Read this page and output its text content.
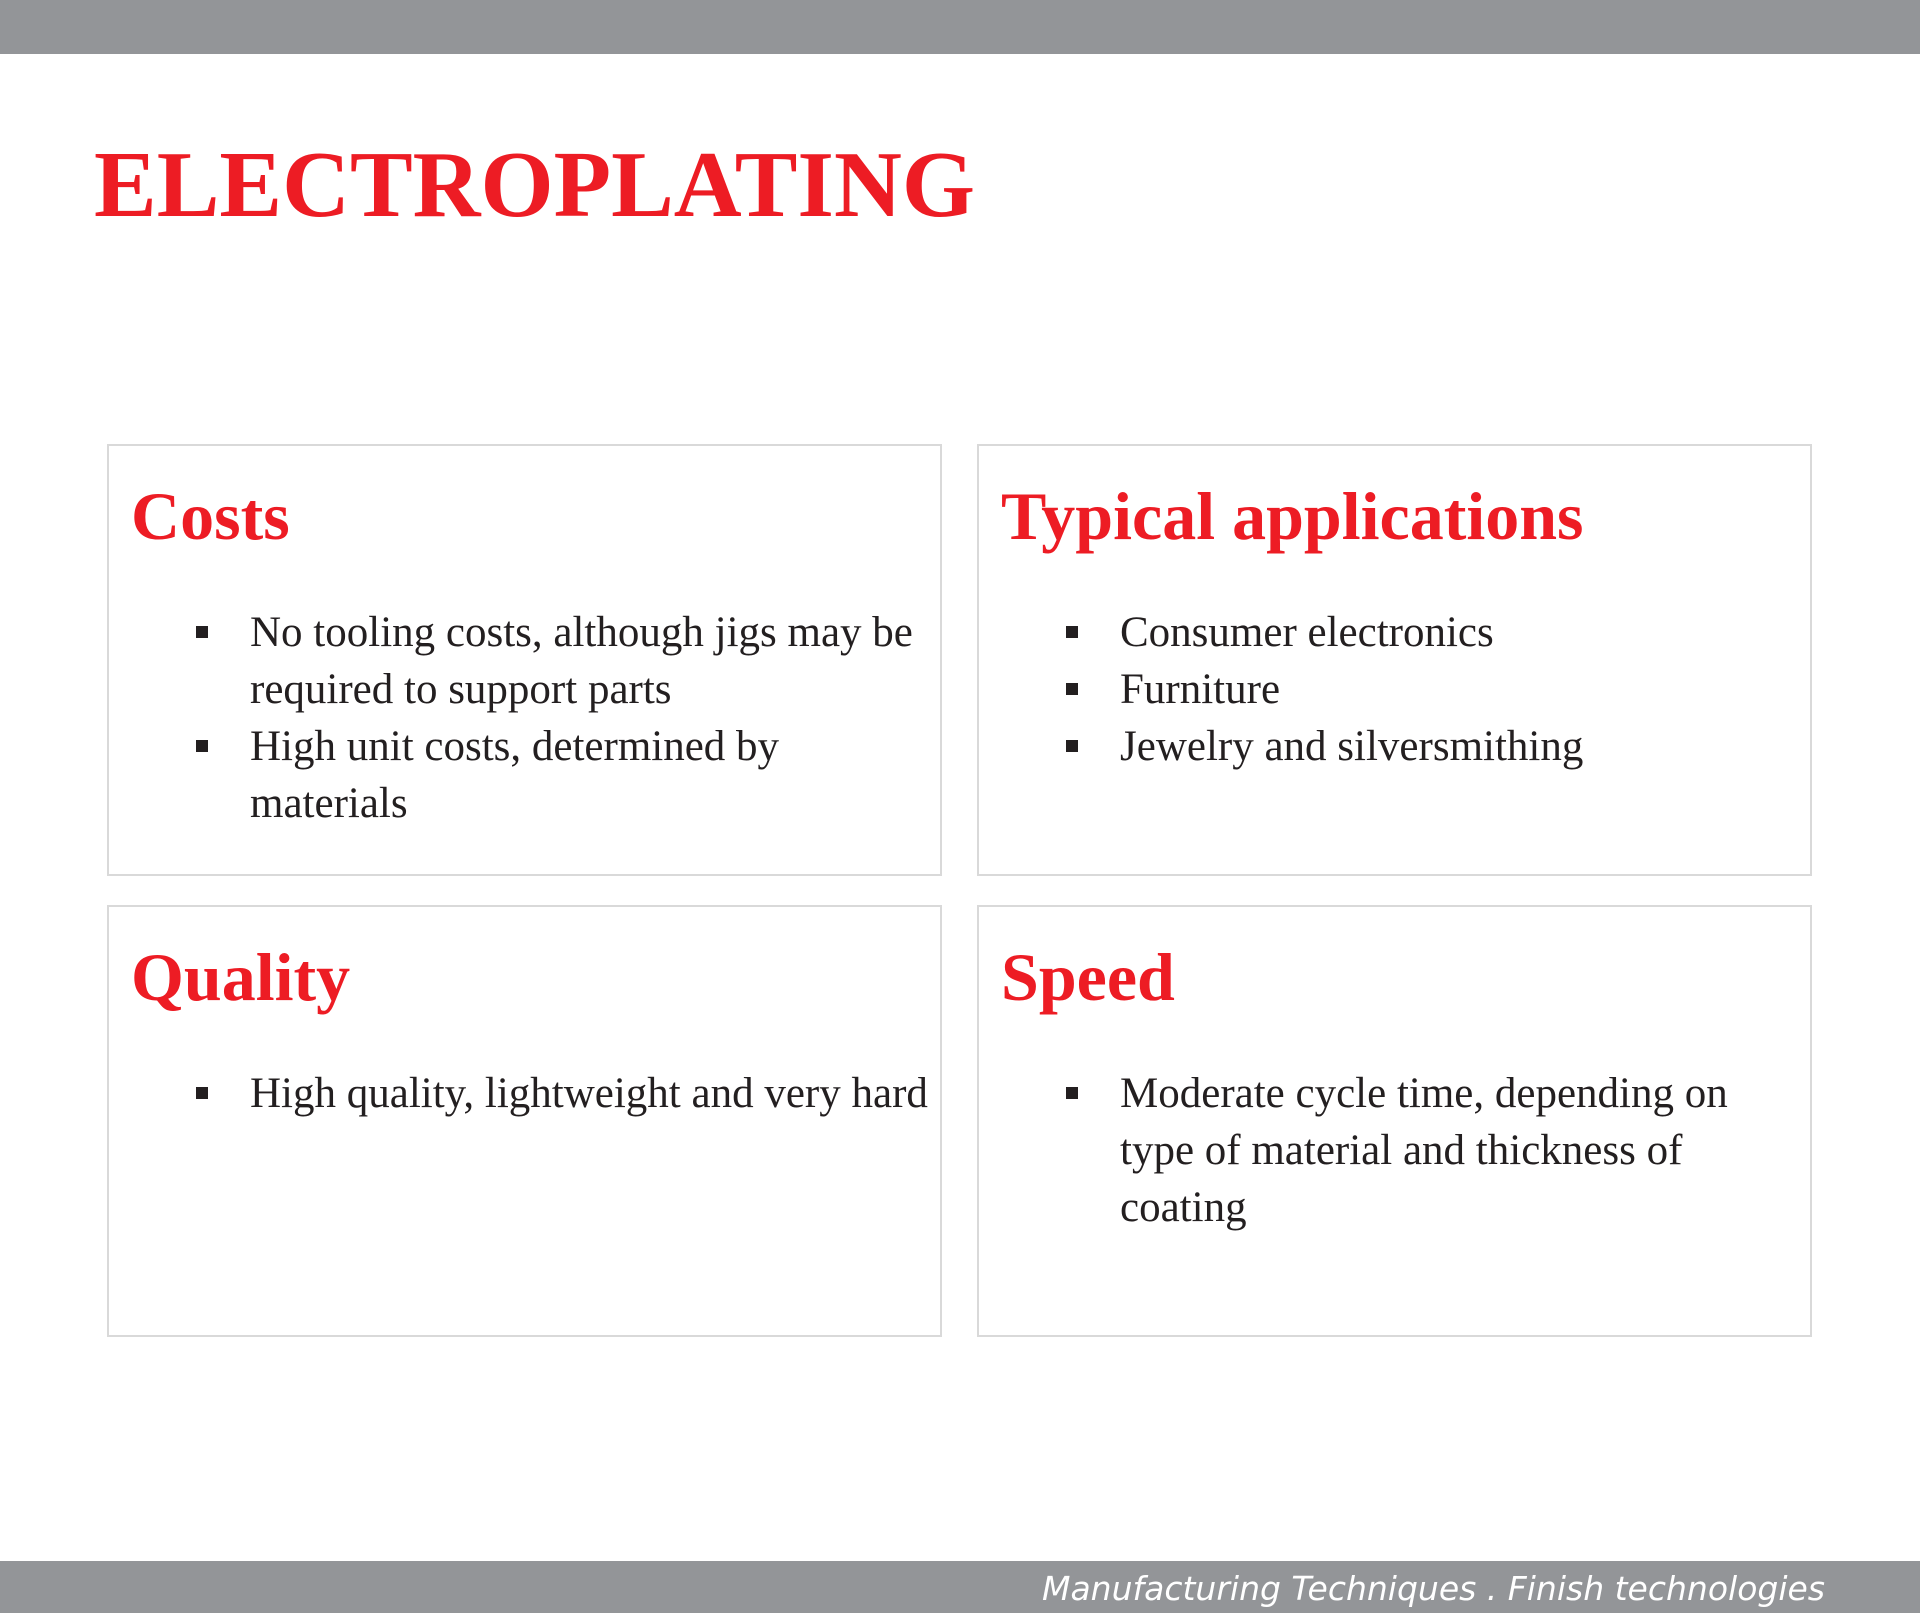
ELECTROPLATING
Costs
No tooling costs, although jigs may be required to support parts
High unit costs, determined by materials
Typical applications
Consumer electronics
Furniture
Jewelry and silversmithing
Quality
High quality, lightweight and very hard
Speed
Moderate cycle time, depending on type of material and thickness of coating
Manufacturing Techniques . Finish technologies
